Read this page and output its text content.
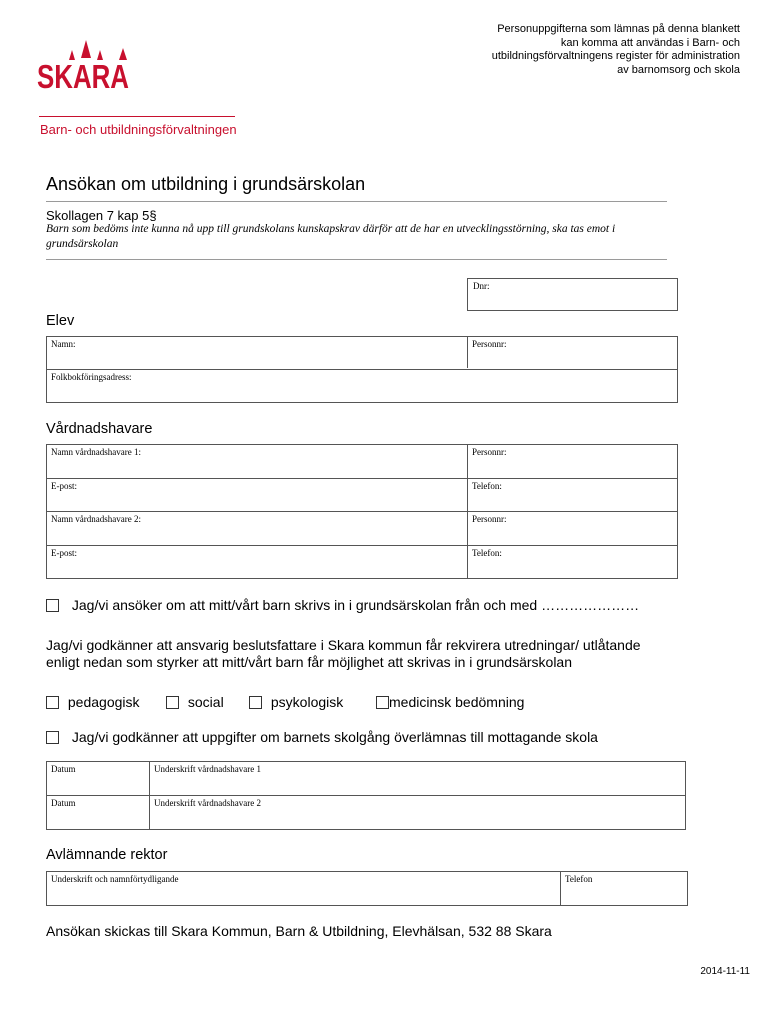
Personuppgifterna som lämnas på denna blankett kan komma att användas i Barn- och utbildningsförvaltningens register för administration av barnomsorg och skola
SKARA
Barn- och utbildningsförvaltningen
Ansökan om utbildning i grundsärskolan
Skollagen 7 kap 5§
Barn som bedöms inte kunna nå upp till grundskolans kunskapskrav därför att de har en utvecklingsstörning, ska tas emot i grundsärskolan
Dnr:
Elev
Namn:	Personnr:
Folkbokföringsadress:
Vårdnadshavare
Namn vårdnadshavare 1:	Personnr:
E-post:	Telefon:
Namn vårdnadshavare 2:	Personnr:
E-post:	Telefon:
Jag/vi ansöker om att mitt/vårt barn skrivs in i grundsärskolan från och med …………………
Jag/vi godkänner att ansvarig beslutsfattare i Skara kommun får rekvirera utredningar/ utlåtande enligt nedan som styrker att mitt/vårt barn får möjlighet att skrivas in i grundsärskolan
pedagogisk	social	psykologisk	medicinsk bedömning
Jag/vi godkänner att uppgifter om barnets skolgång överlämnas till mottagande skola
Datum	Underskrift vårdnadshavare 1
Datum	Underskrift vårdnadshavare 2
Avlämnande rektor
Underskrift och namnförtydligande	Telefon
Ansökan skickas till Skara Kommun, Barn & Utbildning, Elevhälsan, 532 88 Skara
2014-11-11
